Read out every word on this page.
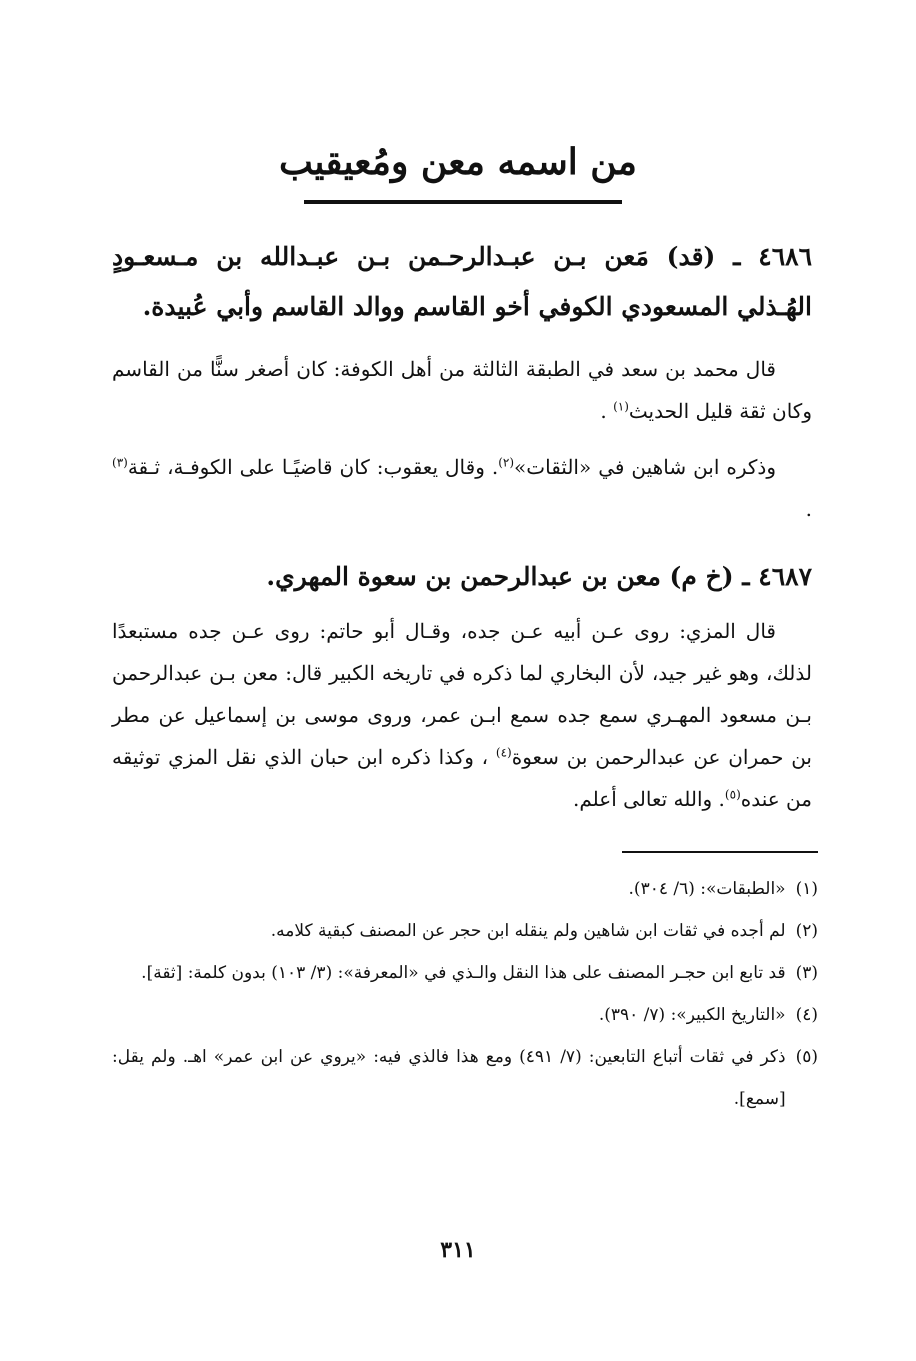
من اسمه معن ومُعيقيب

٤٦٨٦ ـ (قد) مَعن بـن عبـدالرحـمن بـن عبـدالله بن مـسعـودٍ الهُـذلي المسعودي الكوفي أخو القاسم ووالد القاسم وأبي عُبيدة.

قال محمد بن سعد في الطبقة الثالثة من أهل الكوفة: كان أصغر سنًّا من القاسم وكان ثقة قليل الحديث$^{(١)}$ .

وذكره ابن شاهين في «الثقات»$^{(٢)}$. وقال يعقوب: كان قاضيًـا على الكوفـة، ثـقة$^{(٣)}$ .

٤٦٨٧ ـ (خ م) معن بن عبدالرحمن بن سعوة المهري.

قال المزي: روى عـن أبيه عـن جده، وقـال أبو حاتم: روى عـن جده مستبعدًا لذلك، وهو غير جيد، لأن البخاري لما ذكره في تاريخه الكبير قال: معن بـن عبدالرحمن بـن مسعود المهـري سمع جده سمع ابـن عمر، وروى موسى بن إسماعيل عن مطر بن حمران عن عبدالرحمن بن سعوة$^{(٤)}$ ، وكذا ذكره ابن حبان الذي نقل المزي توثيقه من عنده$^{(٥)}$. والله تعالى أعلم.

(١)
«الطبقات»: (٦/ ٣٠٤).
(٢)
لم أجده في ثقات ابن شاهين ولم ينقله ابن حجر عن المصنف كبقية كلامه.
(٣)
قد تابع ابن حجـر المصنف على هذا النقل والـذي في «المعرفة»: (٣/ ١٠٣) بدون كلمة: [ثقة].
(٤)
«التاريخ الكبير»: (٧/ ٣٩٠).
(٥)
ذكر في ثقات أتباع التابعين: (٧/ ٤٩١) ومع هذا فالذي فيه: «يروي عن ابن عمر» اهـ. ولم يقل: [سمع].
٣١١
